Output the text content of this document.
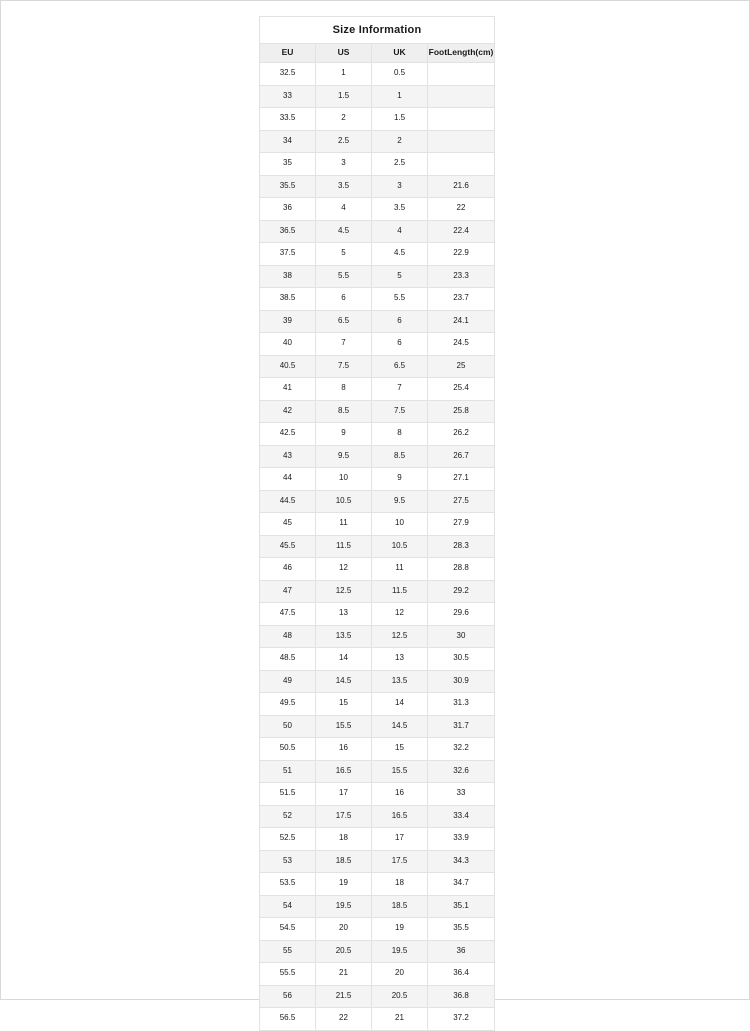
Size Information			
EU	US	UK	FootLength(cm)
32.5	1	0.5	
33	1.5	1	
33.5	2	1.5	
34	2.5	2	
35	3	2.5	
35.5	3.5	3	21.6
36	4	3.5	22
36.5	4.5	4	22.4
37.5	5	4.5	22.9
38	5.5	5	23.3
38.5	6	5.5	23.7
39	6.5	6	24.1
40	7	6	24.5
40.5	7.5	6.5	25
41	8	7	25.4
42	8.5	7.5	25.8
42.5	9	8	26.2
43	9.5	8.5	26.7
44	10	9	27.1
44.5	10.5	9.5	27.5
45	11	10	27.9
45.5	11.5	10.5	28.3
46	12	11	28.8
47	12.5	11.5	29.2
47.5	13	12	29.6
48	13.5	12.5	30
48.5	14	13	30.5
49	14.5	13.5	30.9
49.5	15	14	31.3
50	15.5	14.5	31.7
50.5	16	15	32.2
51	16.5	15.5	32.6
51.5	17	16	33
52	17.5	16.5	33.4
52.5	18	17	33.9
53	18.5	17.5	34.3
53.5	19	18	34.7
54	19.5	18.5	35.1
54.5	20	19	35.5
55	20.5	19.5	36
55.5	21	20	36.4
56	21.5	20.5	36.8
56.5	22	21	37.2
